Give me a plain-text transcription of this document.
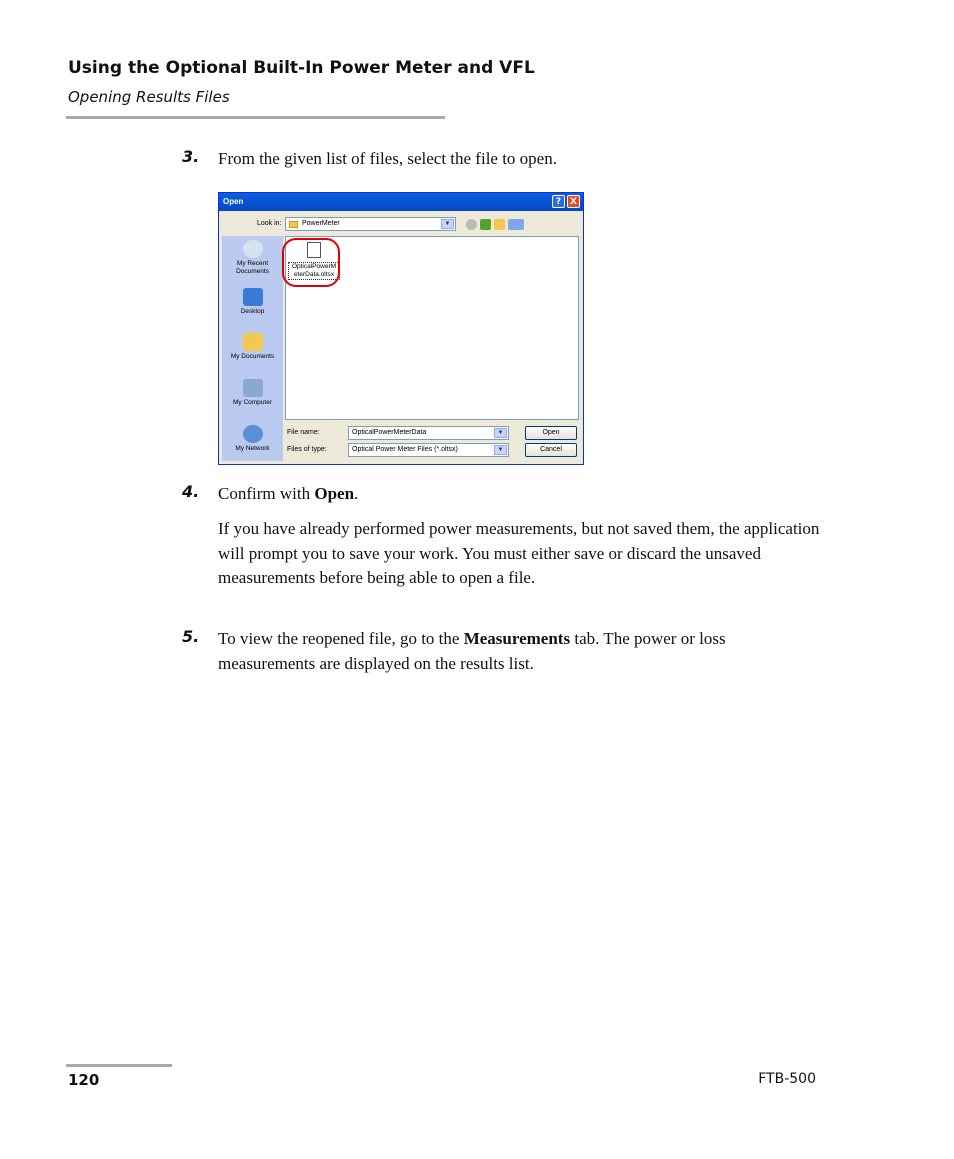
Using the Optional Built-In Power Meter and VFL
Opening Results Files
3. From the given list of files, select the file to open.
Open	? X
Look in:	PowerMeter	▼
My Recent Documents
Desktop
My Documents
My Computer
My Network
OpticalPowerM eterData.oltsx
File name:	OpticalPowerMeterData	▼
Files of type:	Optical Power Meter Files (*.oltsx)	▼
Open
Cancel
4. Confirm with Open.
If you have already performed power measurements, but not saved them, the application will prompt you to save your work. You must either save or discard the unsaved measurements before being able to open a file.
5. To view the reopened file, go to the Measurements tab. The power or loss measurements are displayed on the results list.
120	FTB-500
